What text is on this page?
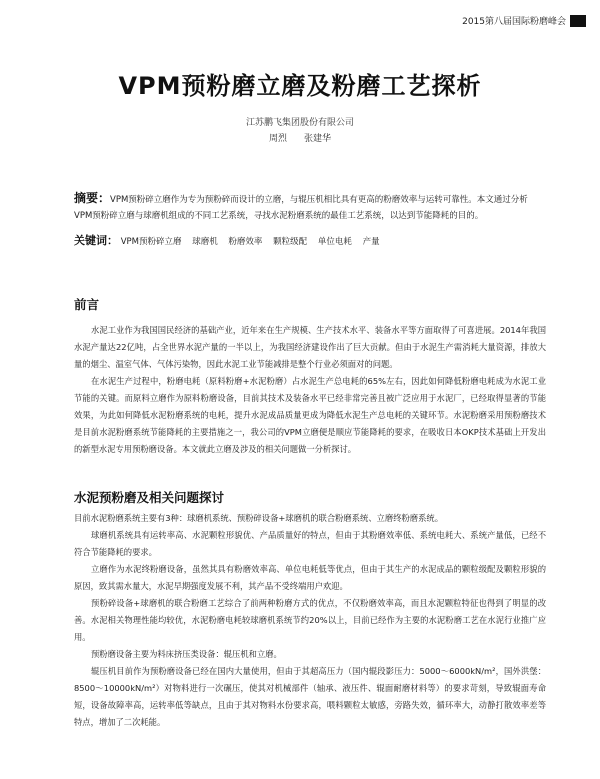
2015第八届国际粉磨峰会
VPM预粉磨立磨及粉磨工艺探析
江苏鹏飞集团股份有限公司
周烈 张建华
摘要：VPM预粉碎立磨作为专为预粉碎而设计的立磨，与辊压机相比具有更高的粉磨效率与运转可靠性。本文通过分析VPM预粉碎立磨与球磨机组成的不同工艺系统，寻找水泥粉磨系统的最佳工艺系统，以达到节能降耗的目的。
关键词： VPM预粉碎立磨 球磨机 粉磨效率 颗粒级配 单位电耗 产量
前言

水泥工业作为我国国民经济的基础产业，近年来在生产规模、生产技术水平、装备水平等方面取得了可喜进展。2014年我国水泥产量达22亿吨，占全世界水泥产量的一半以上，为我国经济建设作出了巨大贡献。但由于水泥生产需消耗大量资源，排放大量的烟尘、温室气体、气体污染物，因此水泥工业节能减排是整个行业必须面对的问题。

在水泥生产过程中，粉磨电耗（原料粉磨+水泥粉磨）占水泥生产总电耗的65%左右，因此如何降低粉磨电耗成为水泥工业节能的关键。而原料立磨作为原料粉磨设备，目前其技术及装备水平已经非常完善且被广泛应用于水泥厂，已经取得显著的节能效果，为此如何降低水泥粉磨系统的电耗，提升水泥成品质量更成为降低水泥生产总电耗的关键环节。水泥粉磨采用预粉磨技术是目前水泥粉磨系统节能降耗的主要措施之一，我公司的VPM立磨便是顺应节能降耗的要求，在吸收日本OKP技术基础上开发出的新型水泥专用预粉磨设备。本文就此立磨及涉及的相关问题做一分析探讨。

水泥预粉磨及相关问题探讨

目前水泥粉磨系统主要有3种：球磨机系统、预粉碎设备+球磨机的联合粉磨系统、立磨终粉磨系统。

球磨机系统具有运转率高、水泥颗粒形貌优、产品质量好的特点，但由于其粉磨效率低、系统电耗大、系统产量低，已经不符合节能降耗的要求。

立磨作为水泥终粉磨设备，虽然其具有粉磨效率高、单位电耗低等优点，但由于其生产的水泥成品的颗粒级配及颗粒形貌的原因，致其需水量大，水泥早期强度发展不利，其产品不受终端用户欢迎。

预粉碎设备+球磨机的联合粉磨工艺综合了前两种粉磨方式的优点，不仅粉磨效率高，而且水泥颗粒特征也得到了明显的改善。水泥相关物理性能均较优，水泥粉磨电耗较球磨机系统节约20%以上，目前已经作为主要的水泥粉磨工艺在水泥行业推广应用。

预粉磨设备主要为料床挤压类设备：辊压机和立磨。

辊压机目前作为预粉磨设备已经在国内大量使用，但由于其超高压力（国内辊段影压力：5000～6000kN/m²，国外洪堡：8500～10000kN/m²）对物料进行一次碾压，使其对机械部件（轴承、液压件、辊面耐磨材料等）的要求苛刻，导致辊面寿命短，设备故障率高，运转率低等缺点，且由于其对物料水份要求高，喂料颗粒太敏感，旁路失效，循环率大，动静打散效率差等特点，增加了二次耗能。
